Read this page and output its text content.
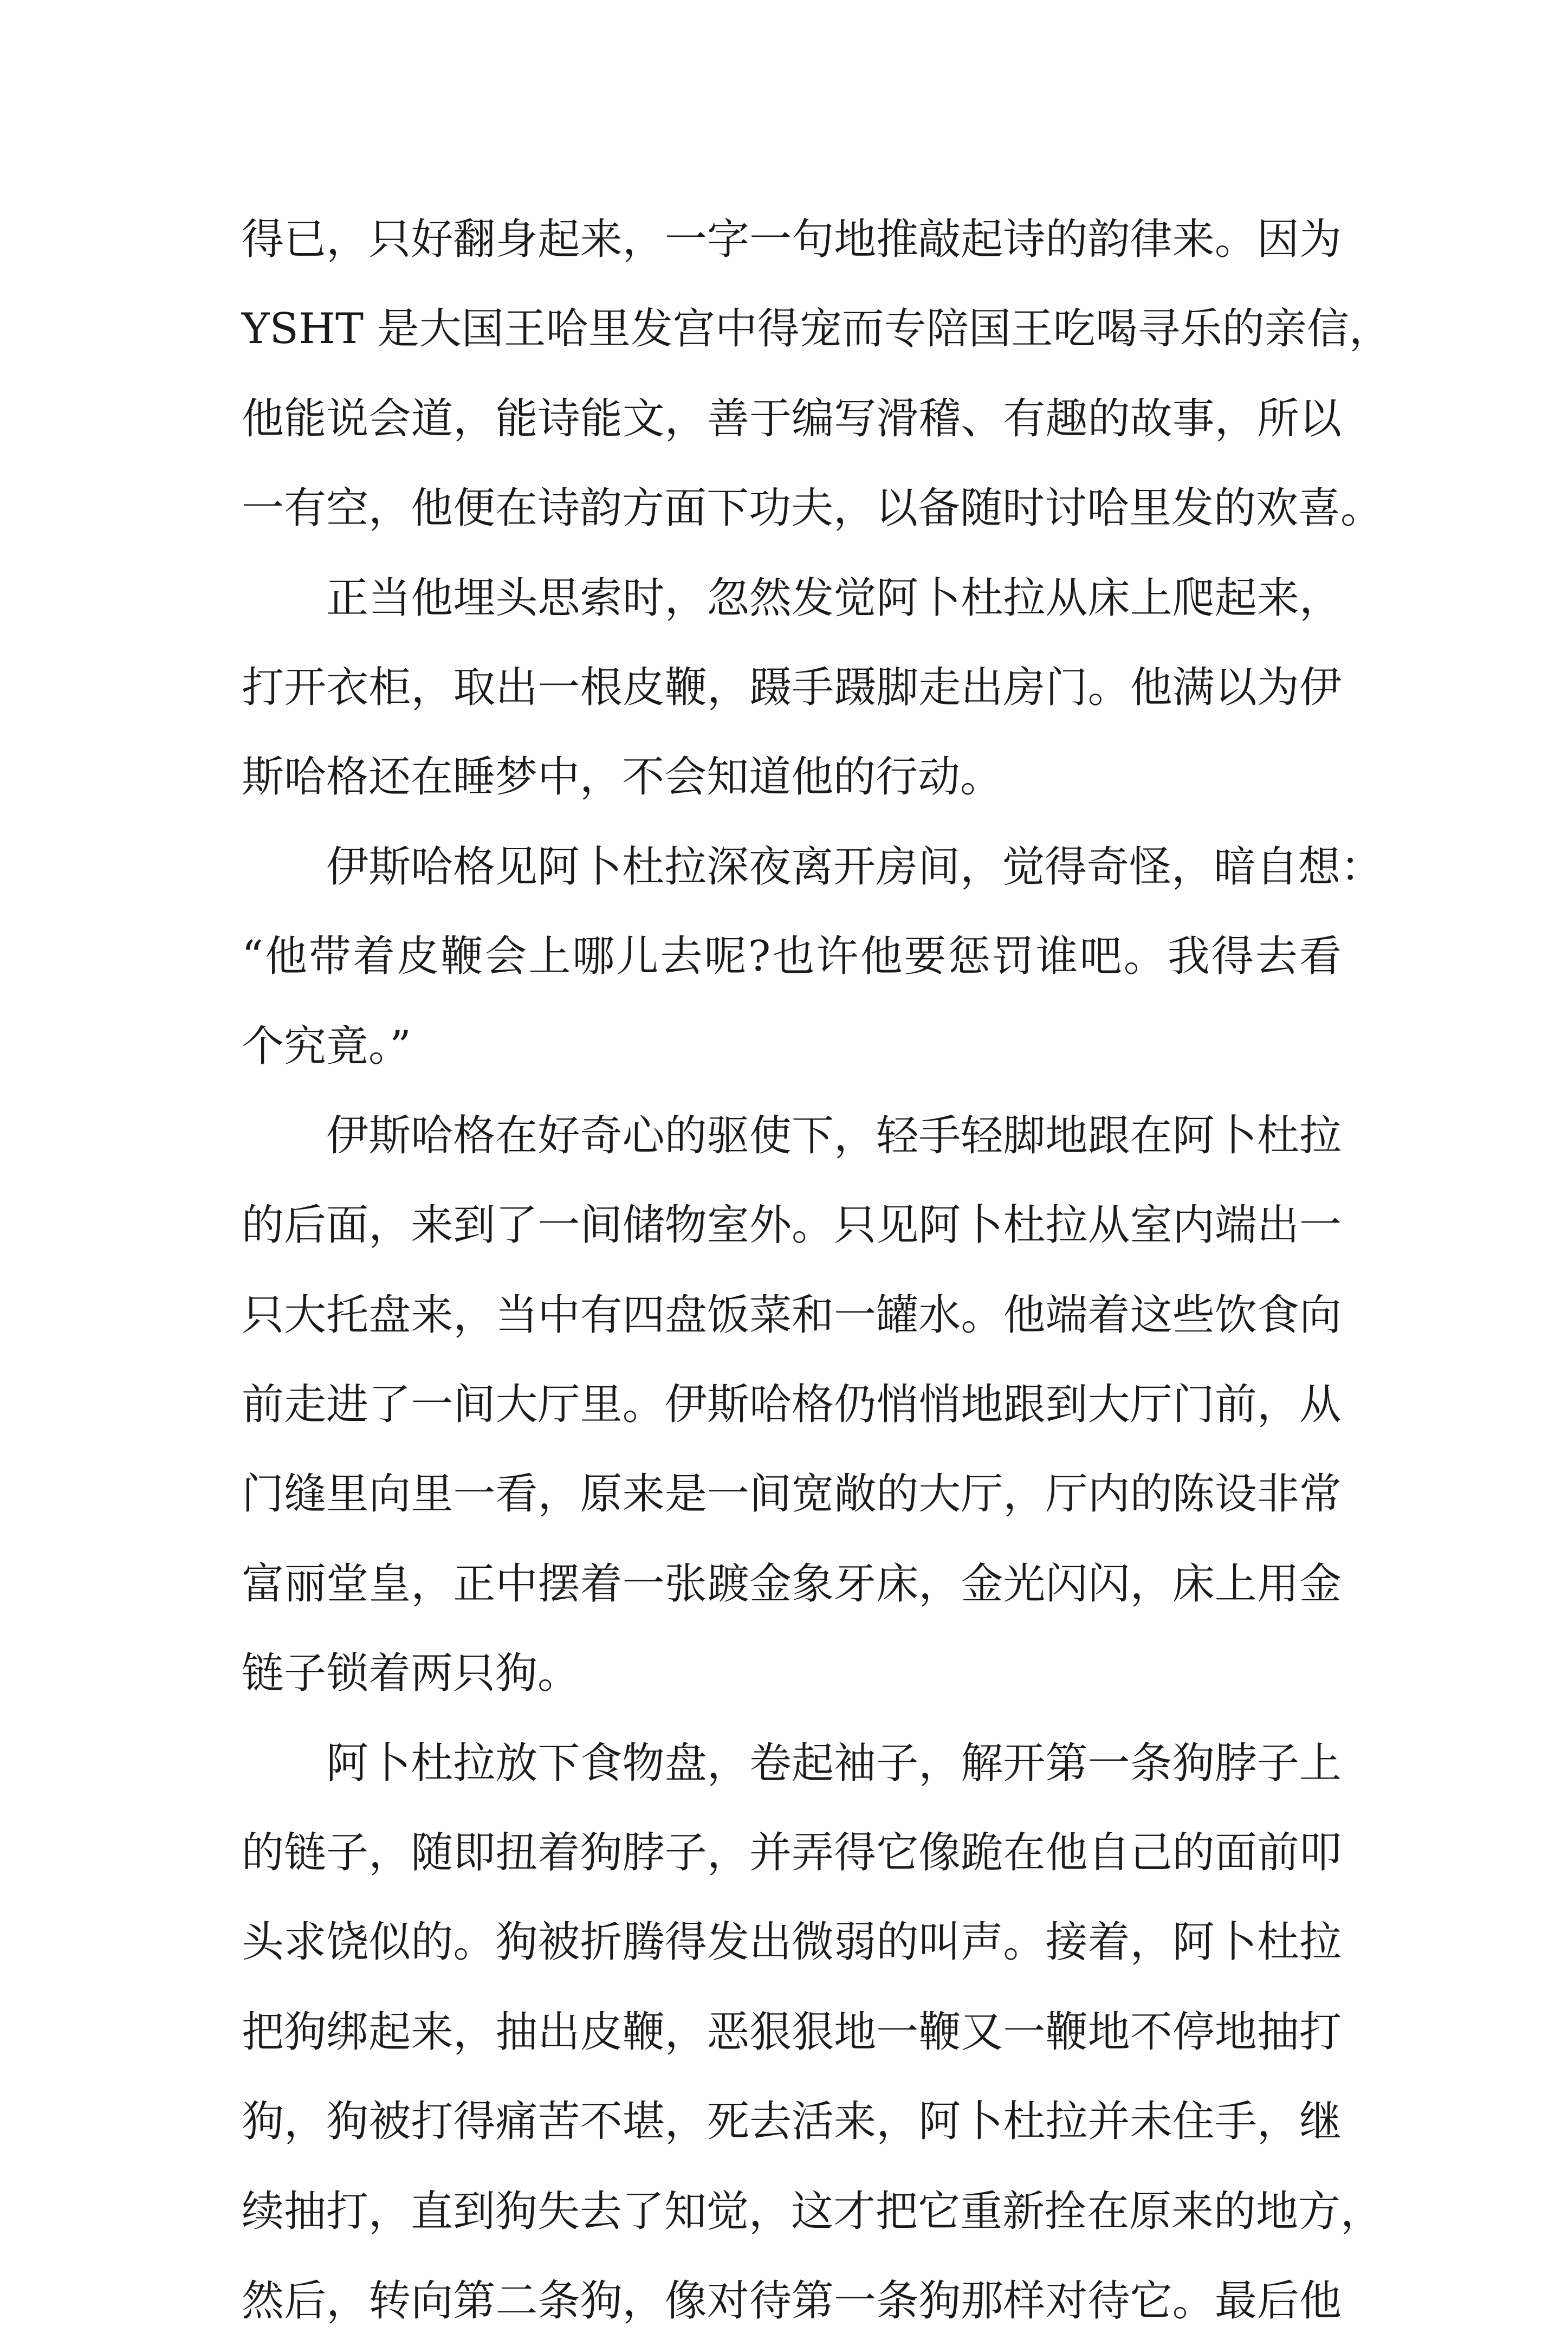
得已，只好翻身起来，一字一句地推敲起诗的韵律来。因为
YSHT 是大国王哈里发宫中得宠而专陪国王吃喝寻乐的亲信，
他能说会道，能诗能文，善于编写滑稽、有趣的故事，所以
一有空，他便在诗韵方面下功夫，以备随时讨哈里发的欢喜。
正当他埋头思索时，忽然发觉阿卜杜拉从床上爬起来，
打开衣柜，取出一根皮鞭，蹑手蹑脚走出房门。他满以为伊
斯哈格还在睡梦中，不会知道他的行动。
伊斯哈格见阿卜杜拉深夜离开房间，觉得奇怪，暗自想：
“他带着皮鞭会上哪儿去呢?也许他要惩罚谁吧。我得去看
个究竟。”
伊斯哈格在好奇心的驱使下，轻手轻脚地跟在阿卜杜拉
的后面，来到了一间储物室外。只见阿卜杜拉从室内端出一
只大托盘来，当中有四盘饭菜和一罐水。他端着这些饮食向
前走进了一间大厅里。伊斯哈格仍悄悄地跟到大厅门前，从
门缝里向里一看，原来是一间宽敞的大厅，厅内的陈设非常
富丽堂皇，正中摆着一张踱金象牙床，金光闪闪，床上用金
链子锁着两只狗。
阿卜杜拉放下食物盘，卷起袖子，解开第一条狗脖子上
的链子，随即扭着狗脖子，并弄得它像跪在他自己的面前叩
头求饶似的。狗被折腾得发出微弱的叫声。接着，阿卜杜拉
把狗绑起来，抽出皮鞭，恶狠狠地一鞭又一鞭地不停地抽打
狗，狗被打得痛苦不堪，死去活来，阿卜杜拉并未住手，继
续抽打，直到狗失去了知觉，这才把它重新拴在原来的地方，
然后，转向第二条狗，像对待第一条狗那样对待它。最后他
